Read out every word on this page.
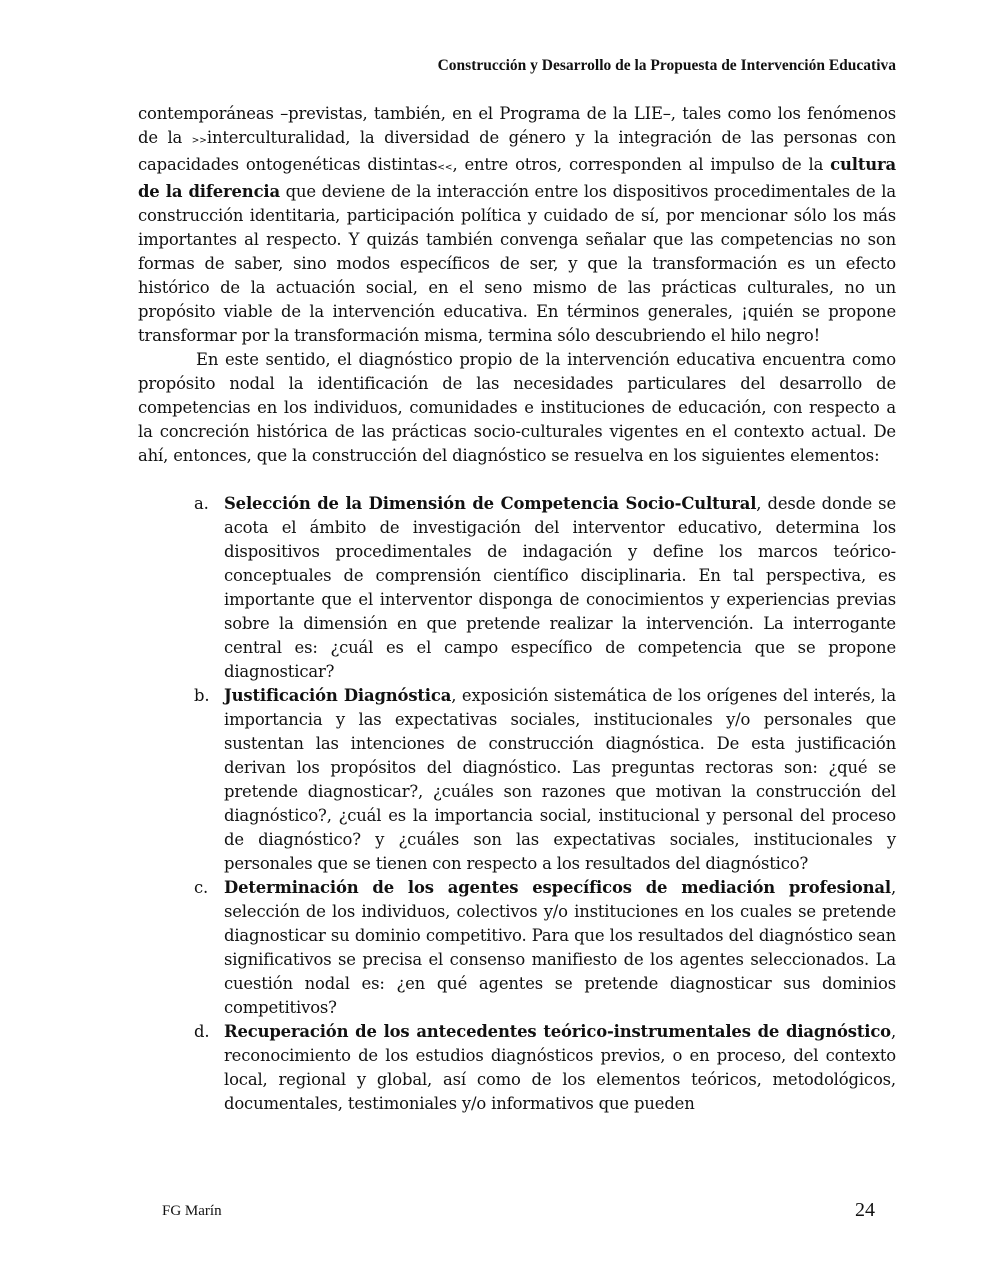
Construcción y Desarrollo de la Propuesta de Intervención Educativa

contemporáneas –previstas, también, en el Programa de la LIE–, tales como los fenómenos de la >>interculturalidad, la diversidad de género y la integración de las personas con capacidades ontogenéticas distintas<<, entre otros, corresponden al impulso de la cultura de la diferencia que deviene de la interacción entre los dispositivos procedimentales de la construcción identitaria, participación política y cuidado de sí, por mencionar sólo los más importantes al respecto. Y quizás también convenga señalar que las competencias no son formas de saber, sino modos específicos de ser, y que la transformación es un efecto histórico de la actuación social, en el seno mismo de las prácticas culturales, no un propósito viable de la intervención educativa. En términos generales, ¡quién se propone transformar por la transformación misma, termina sólo descubriendo el hilo negro!

En este sentido, el diagnóstico propio de la intervención educativa encuentra como propósito nodal la identificación de las necesidades particulares del desarrollo de competencias en los individuos, comunidades e instituciones de educación, con respecto a la concreción histórica de las prácticas socio-culturales vigentes en el contexto actual. De ahí, entonces, que la construcción del diagnóstico se resuelva en los siguientes elementos:

a. Selección de la Dimensión de Competencia Socio-Cultural, desde donde se acota el ámbito de investigación del interventor educativo, determina los dispositivos procedimentales de indagación y define los marcos teórico-conceptuales de comprensión científico disciplinaria. En tal perspectiva, es importante que el interventor disponga de conocimientos y experiencias previas sobre la dimensión en que pretende realizar la intervención. La interrogante central es: ¿cuál es el campo específico de competencia que se propone diagnosticar?
b. Justificación Diagnóstica, exposición sistemática de los orígenes del interés, la importancia y las expectativas sociales, institucionales y/o personales que sustentan las intenciones de construcción diagnóstica. De esta justificación derivan los propósitos del diagnóstico. Las preguntas rectoras son: ¿qué se pretende diagnosticar?, ¿cuáles son razones que motivan la construcción del diagnóstico?, ¿cuál es la importancia social, institucional y personal del proceso de diagnóstico? y ¿cuáles son las expectativas sociales, institucionales y personales que se tienen con respecto a los resultados del diagnóstico?
c. Determinación de los agentes específicos de mediación profesional, selección de los individuos, colectivos y/o instituciones en los cuales se pretende diagnosticar su dominio competitivo. Para que los resultados del diagnóstico sean significativos se precisa el consenso manifiesto de los agentes seleccionados. La cuestión nodal es: ¿en qué agentes se pretende diagnosticar sus dominios competitivos?
d. Recuperación de los antecedentes teórico-instrumentales de diagnóstico, reconocimiento de los estudios diagnósticos previos, o en proceso, del contexto local, regional y global, así como de los elementos teóricos, metodológicos, documentales, testimoniales y/o informativos que pueden
FG Marín	24
